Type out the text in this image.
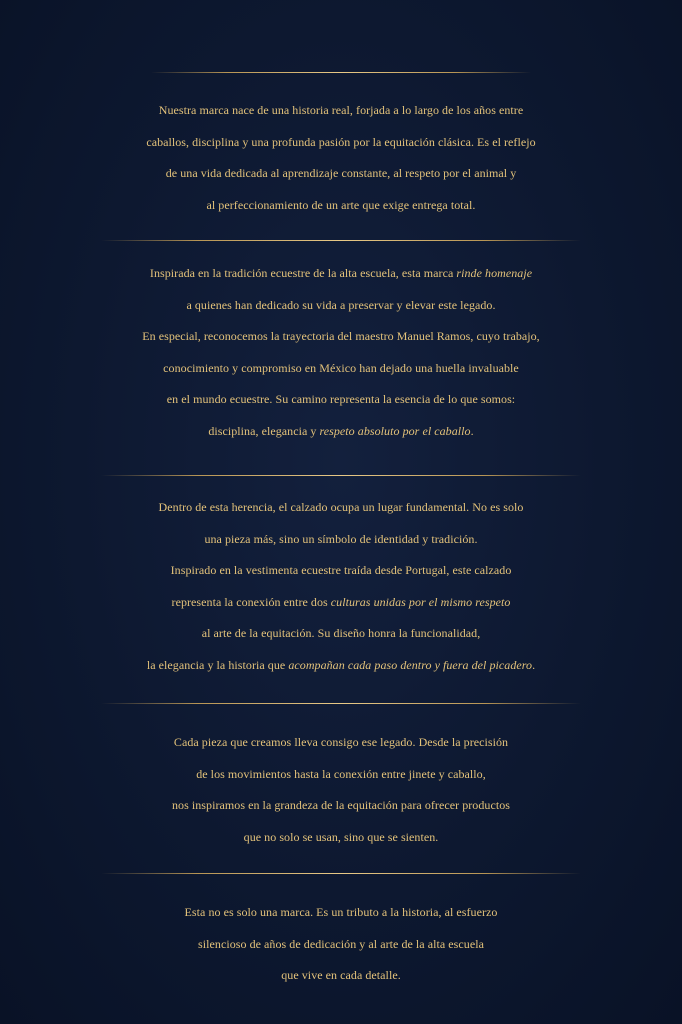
Nuestra marca nace de una historia real, forjada a lo largo de los años entre
caballos, disciplina y una profunda pasión por la equitación clásica. Es el reflejo
de una vida dedicada al aprendizaje constante, al respeto por el animal y
al perfeccionamiento de un arte que exige entrega total.
Inspirada en la tradición ecuestre de la alta escuela, esta marca rinde homenaje
a quienes han dedicado su vida a preservar y elevar este legado.
En especial, reconocemos la trayectoria del maestro Manuel Ramos, cuyo trabajo,
conocimiento y compromiso en México han dejado una huella invaluable
en el mundo ecuestre. Su camino representa la esencia de lo que somos:
disciplina, elegancia y respeto absoluto por el caballo.
Dentro de esta herencia, el calzado ocupa un lugar fundamental. No es solo
una pieza más, sino un símbolo de identidad y tradición.
Inspirado en la vestimenta ecuestre traída desde Portugal, este calzado
representa la conexión entre dos culturas unidas por el mismo respeto
al arte de la equitación. Su diseño honra la funcionalidad,
la elegancia y la historia que acompañan cada paso dentro y fuera del picadero.
Cada pieza que creamos lleva consigo ese legado. Desde la precisión
de los movimientos hasta la conexión entre jinete y caballo,
nos inspiramos en la grandeza de la equitación para ofrecer productos
que no solo se usan, sino que se sienten.
Esta no es solo una marca. Es un tributo a la historia, al esfuerzo
silencioso de años de dedicación y al arte de la alta escuela
que vive en cada detalle.
